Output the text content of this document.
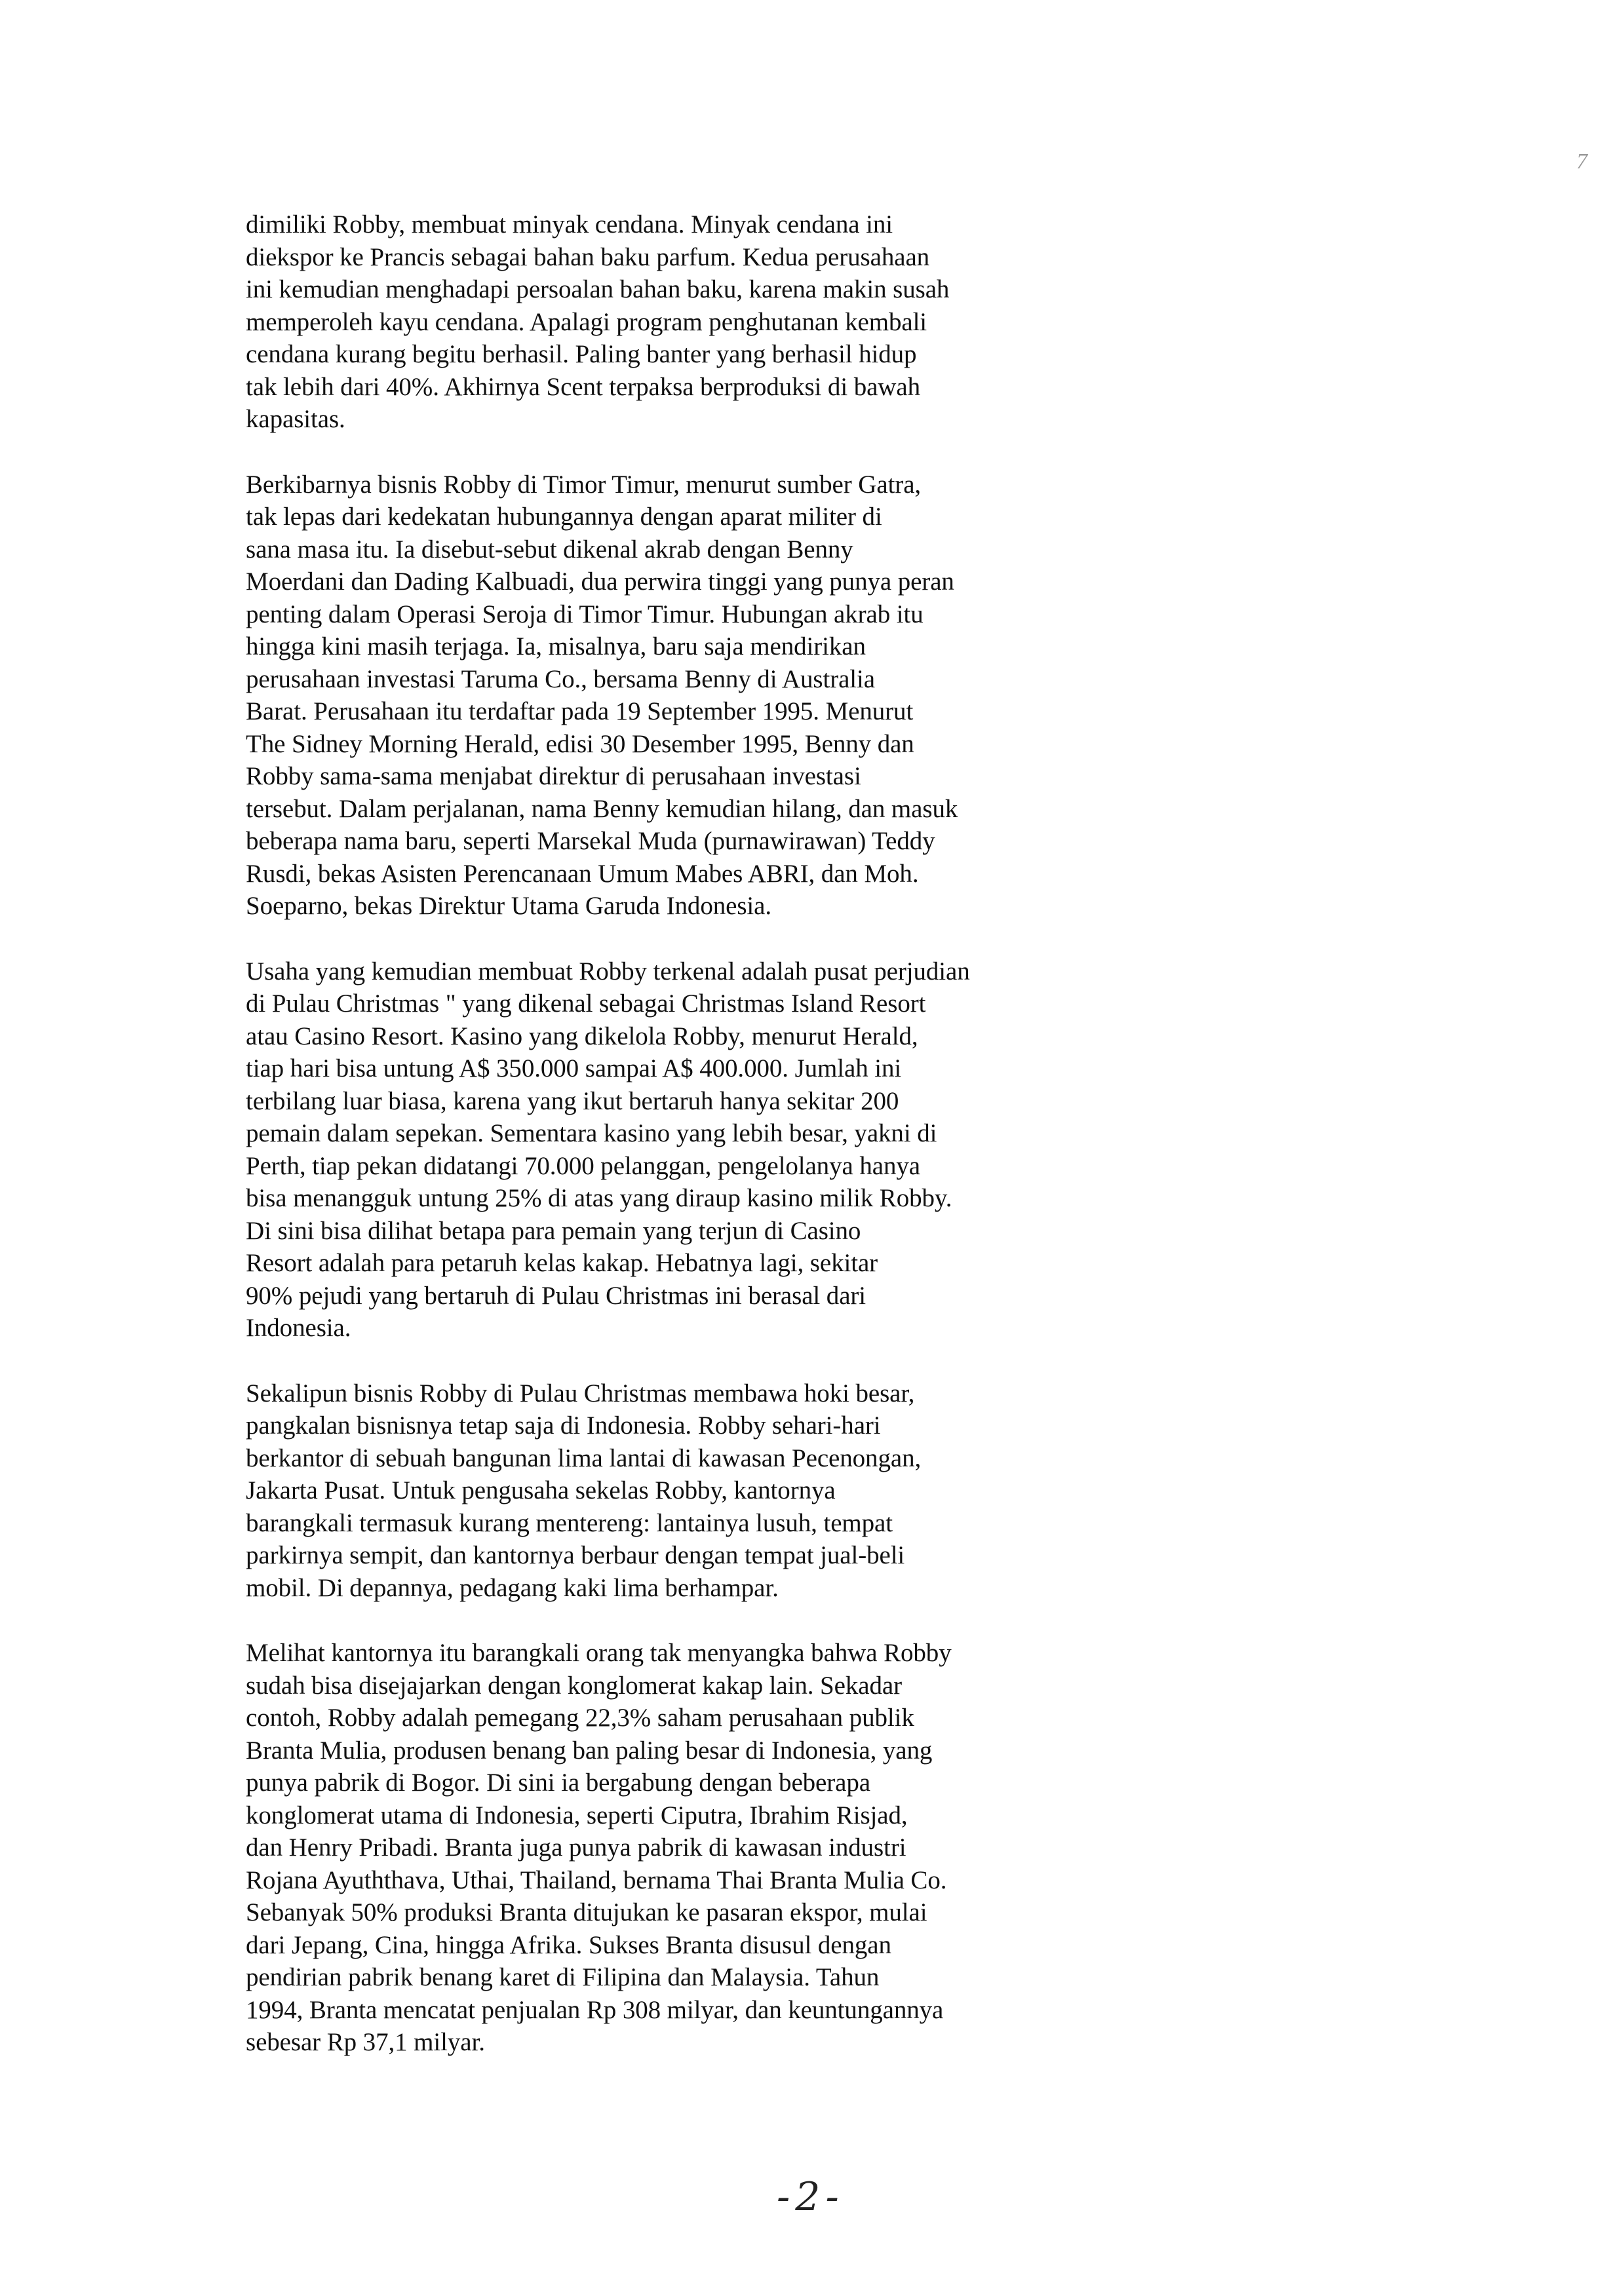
7
dimiliki Robby, membuat minyak cendana. Minyak cendana ini
diekspor ke Prancis sebagai bahan baku parfum. Kedua perusahaan
ini kemudian menghadapi persoalan bahan baku, karena makin susah
memperoleh kayu cendana. Apalagi program penghutanan kembali
cendana kurang begitu berhasil. Paling banter yang berhasil hidup
tak lebih dari 40%. Akhirnya Scent terpaksa berproduksi di bawah
kapasitas.
Berkibarnya bisnis Robby di Timor Timur, menurut sumber Gatra,
tak lepas dari kedekatan hubungannya dengan aparat militer di
sana masa itu. Ia disebut-sebut dikenal akrab dengan Benny
Moerdani dan Dading Kalbuadi, dua perwira tinggi yang punya peran
penting dalam Operasi Seroja di Timor Timur. Hubungan akrab itu
hingga kini masih terjaga. Ia, misalnya, baru saja mendirikan
perusahaan investasi Taruma Co., bersama Benny di Australia
Barat. Perusahaan itu terdaftar pada 19 September 1995. Menurut
The Sidney Morning Herald, edisi 30 Desember 1995, Benny dan
Robby sama-sama menjabat direktur di perusahaan investasi
tersebut. Dalam perjalanan, nama Benny kemudian hilang, dan masuk
beberapa nama baru, seperti Marsekal Muda (purnawirawan) Teddy
Rusdi, bekas Asisten Perencanaan Umum Mabes ABRI, dan Moh.
Soeparno, bekas Direktur Utama Garuda Indonesia.
Usaha yang kemudian membuat Robby terkenal adalah pusat perjudian
di Pulau Christmas " yang dikenal sebagai Christmas Island Resort
atau Casino Resort. Kasino yang dikelola Robby, menurut Herald,
tiap hari bisa untung A$ 350.000 sampai A$ 400.000. Jumlah ini
terbilang luar biasa, karena yang ikut bertaruh hanya sekitar 200
pemain dalam sepekan. Sementara kasino yang lebih besar, yakni di
Perth, tiap pekan didatangi 70.000 pelanggan, pengelolanya hanya
bisa menangguk untung 25% di atas yang diraup kasino milik Robby.
Di sini bisa dilihat betapa para pemain yang terjun di Casino
Resort adalah para petaruh kelas kakap. Hebatnya lagi, sekitar
90% pejudi yang bertaruh di Pulau Christmas ini berasal dari
Indonesia.
Sekalipun bisnis Robby di Pulau Christmas membawa hoki besar,
pangkalan bisnisnya tetap saja di Indonesia. Robby sehari-hari
berkantor di sebuah bangunan lima lantai di kawasan Pecenongan,
Jakarta Pusat. Untuk pengusaha sekelas Robby, kantornya
barangkali termasuk kurang mentereng: lantainya lusuh, tempat
parkirnya sempit, dan kantornya berbaur dengan tempat jual-beli
mobil. Di depannya, pedagang kaki lima berhampar.
Melihat kantornya itu barangkali orang tak menyangka bahwa Robby
sudah bisa disejajarkan dengan konglomerat kakap lain. Sekadar
contoh, Robby adalah pemegang 22,3% saham perusahaan publik
Branta Mulia, produsen benang ban paling besar di Indonesia, yang
punya pabrik di Bogor. Di sini ia bergabung dengan beberapa
konglomerat utama di Indonesia, seperti Ciputra, Ibrahim Risjad,
dan Henry Pribadi. Branta juga punya pabrik di kawasan industri
Rojana Ayuththava, Uthai, Thailand, bernama Thai Branta Mulia Co.
Sebanyak 50% produksi Branta ditujukan ke pasaran ekspor, mulai
dari Jepang, Cina, hingga Afrika. Sukses Branta disusul dengan
pendirian pabrik benang karet di Filipina dan Malaysia. Tahun
1994, Branta mencatat penjualan Rp 308 milyar, dan keuntungannya
sebesar Rp 37,1 milyar.
-2-
